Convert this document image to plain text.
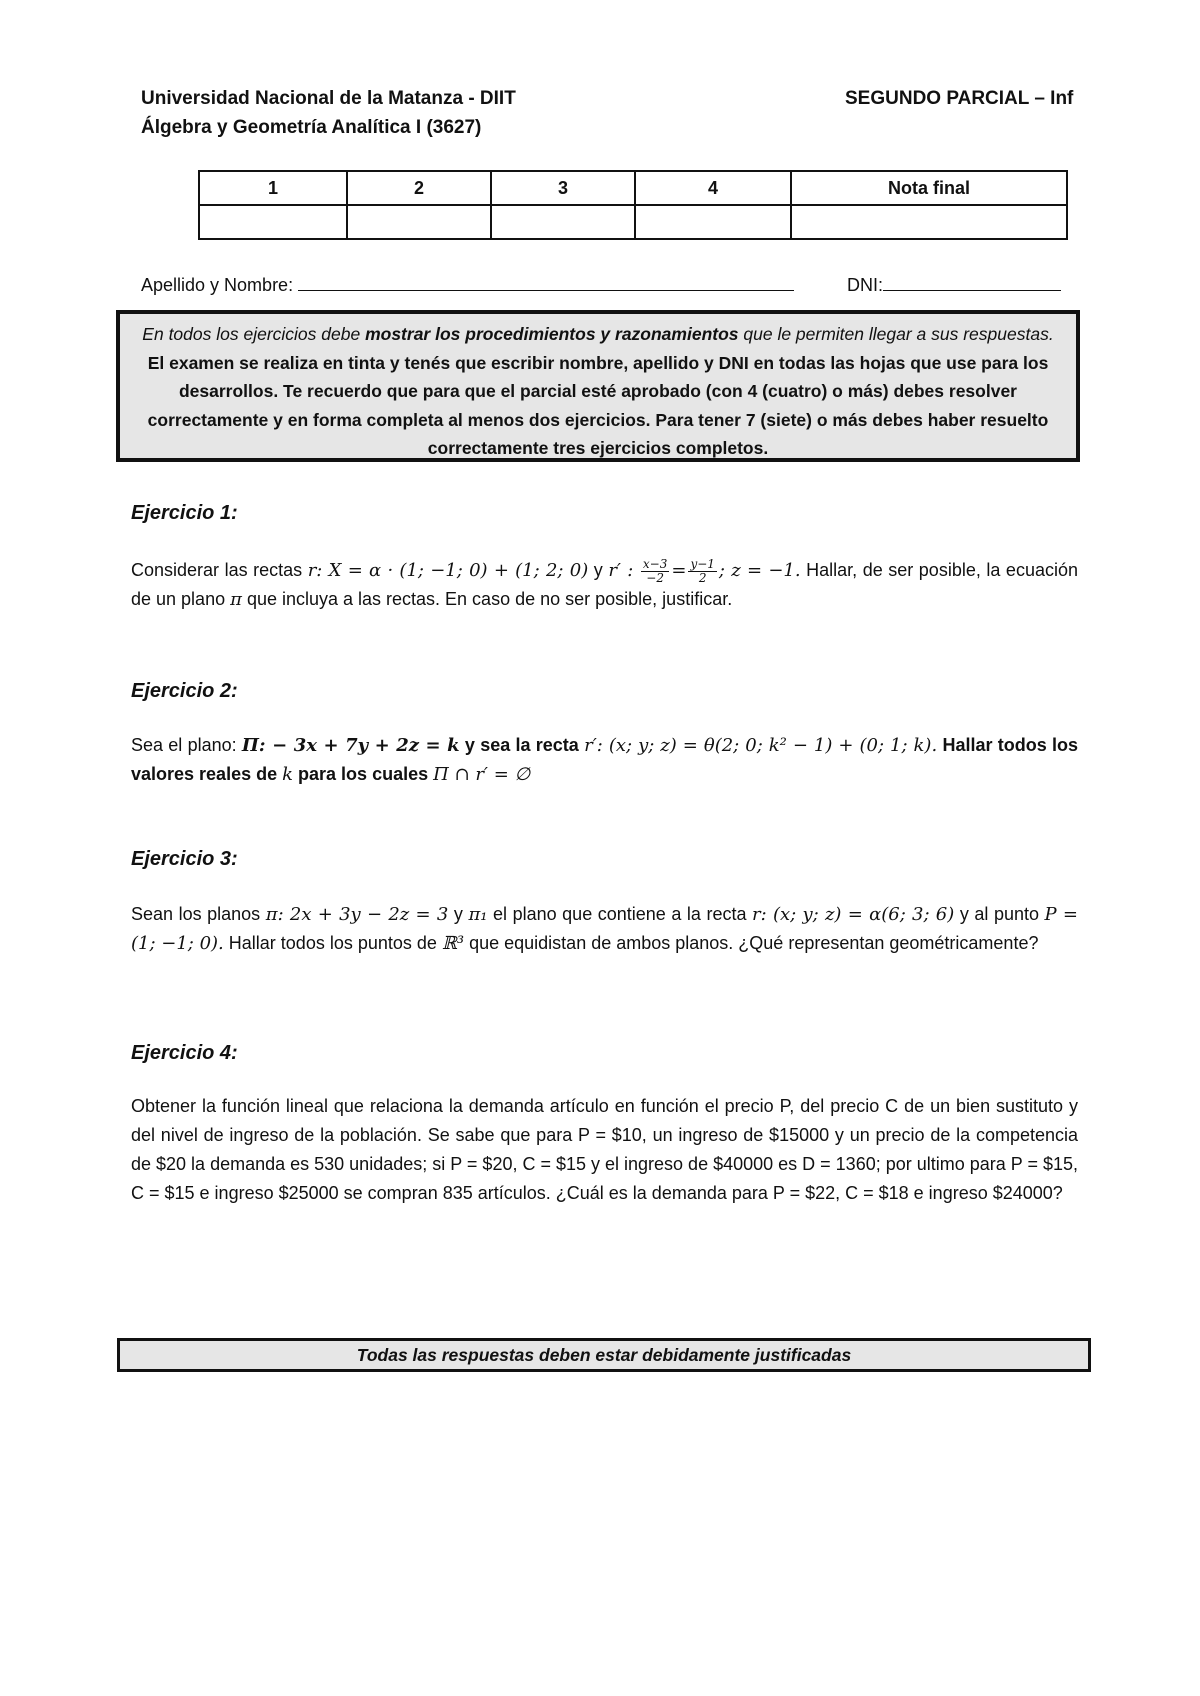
Universidad Nacional de la Matanza - DIIT
Álgebra y Geometría Analítica I (3627)
SEGUNDO PARCIAL – Inf
1	2	3	4	Nota final

Apellido y Nombre:	DNI:
En todos los ejercicios debe mostrar los procedimientos y razonamientos que le permiten llegar a sus respuestas.
El examen se realiza en tinta y tenés que escribir nombre, apellido y DNI en todas las hojas que use para los desarrollos. Te recuerdo que para que el parcial esté aprobado (con 4 (cuatro) o más) debes resolver correctamente y en forma completa al menos dos ejercicios. Para tener 7 (siete) o más debes haber resuelto correctamente tres ejercicios completos.
Ejercicio 1:
Considerar las rectas r: X = α · (1; −1; 0) + (1; 2; 0) y r′ : $\frac{x-3}{-2} = \frac{y-1}{2}$ ; z = −1. Hallar, de ser posible, la ecuación de un plano π que incluya a las rectas. En caso de no ser posible, justificar.
Ejercicio 2:
Sea el plano: Π: − 3x + 7y + 2z = k y sea la recta r′: (x; y; z) = θ(2; 0; k² − 1) + (0; 1; k). Hallar todos los valores reales de k para los cuales Π ∩ r′ = ∅
Ejercicio 3:
Sean los planos π: 2x + 3y − 2z = 3 y π₁ el plano que contiene a la recta r: (x; y; z) = α(6; 3; 6) y al punto P = (1; −1; 0). Hallar todos los puntos de ℝ³ que equidistan de ambos planos. ¿Qué representan geométricamente?
Ejercicio 4:
Obtener la función lineal que relaciona la demanda artículo en función el precio P, del precio C de un bien sustituto y del nivel de ingreso de la población. Se sabe que para P = $10, un ingreso de $15000 y un precio de la competencia de $20 la demanda es 530 unidades; si P = $20, C = $15 y el ingreso de $40000 es D = 1360; por ultimo para P = $15, C = $15 e ingreso $25000 se compran 835 artículos. ¿Cuál es la demanda para P = $22, C = $18 e ingreso $24000?
Todas las respuestas deben estar debidamente justificadas
